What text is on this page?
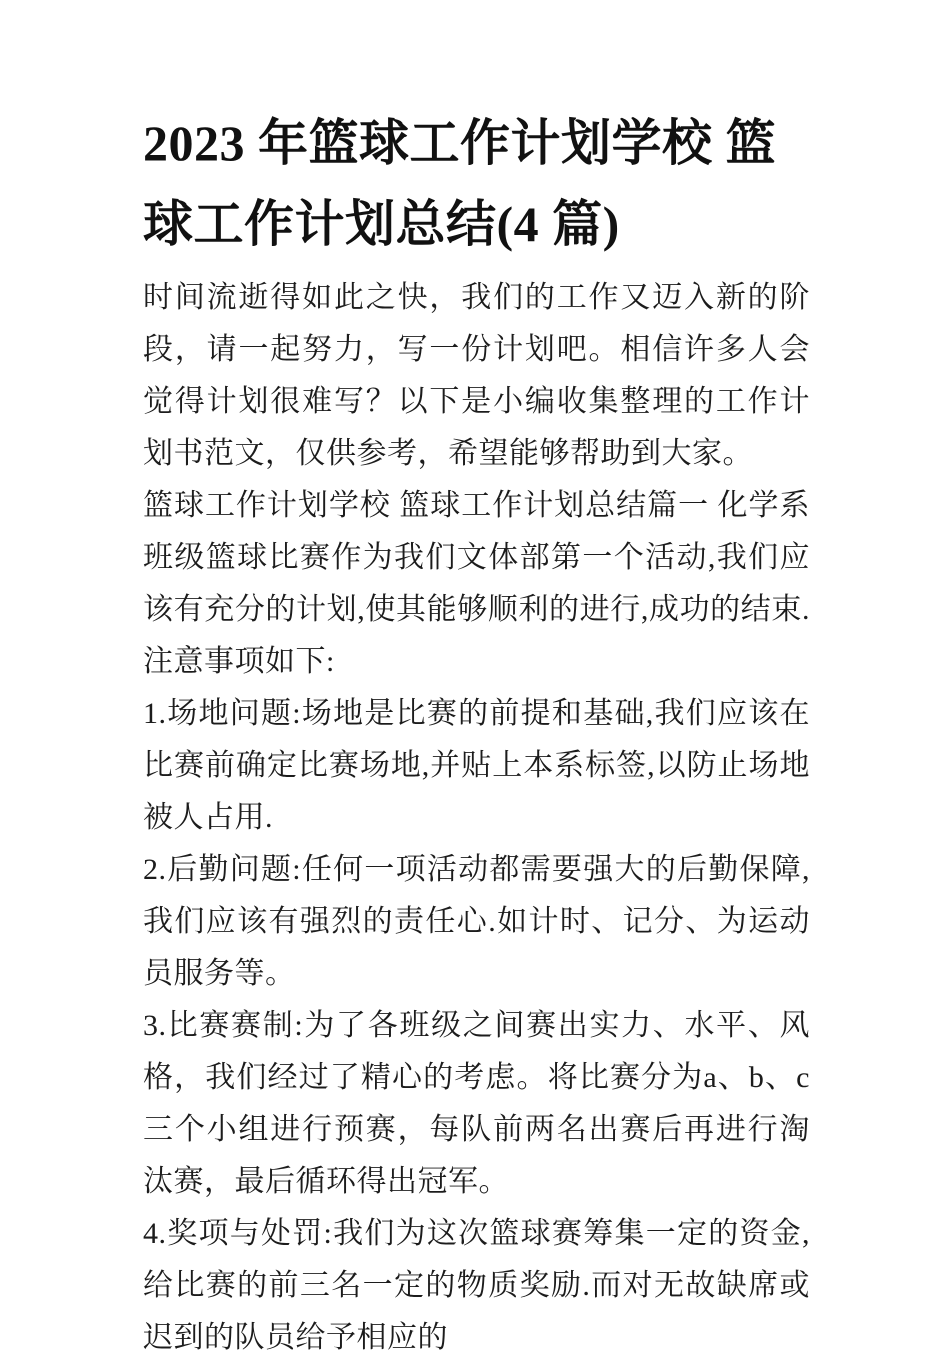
2023 年篮球工作计划学校 篮球工作计划总结(4 篇)

时间流逝得如此之快，我们的工作又迈入新的阶段，请一起努力，写一份计划吧。相信许多人会觉得计划很难写？以下是小编收集整理的工作计划书范文，仅供参考，希望能够帮助到大家。

篮球工作计划学校 篮球工作计划总结篇一 化学系班级篮球比赛作为我们文体部第一个活动,我们应该有充分的计划,使其能够顺利的进行,成功的结束.注意事项如下:

1.场地问题:场地是比赛的前提和基础,我们应该在比赛前确定比赛场地,并贴上本系标签,以防止场地被人占用.

2.后勤问题:任何一项活动都需要强大的后勤保障,我们应该有强烈的责任心.如计时、记分、为运动员服务等。

3.比赛赛制:为了各班级之间赛出实力、水平、风格，我们经过了精心的考虑。将比赛分为a、b、c三个小组进行预赛，每队前两名出赛后再进行淘汰赛，最后循环得出冠军。

4.奖项与处罚:我们为这次篮球赛筹集一定的资金,给比赛的前三名一定的物质奖励.而对无故缺席或迟到的队员给予相应的
